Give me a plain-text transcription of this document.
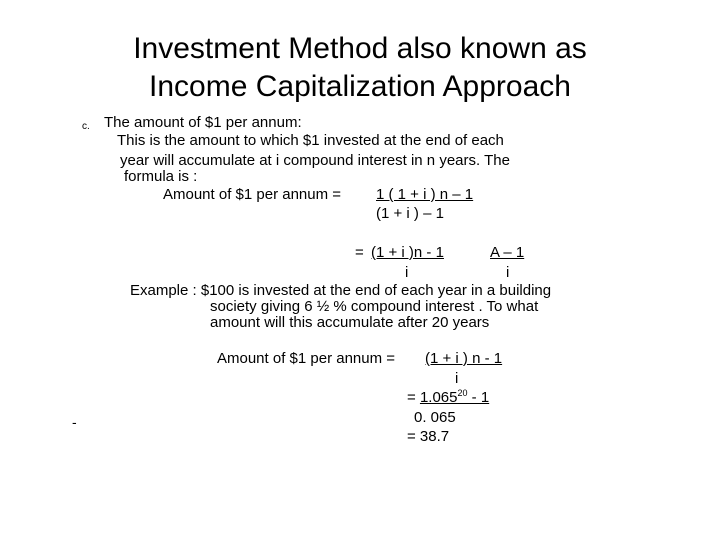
Investment Method also known as
Income Capitalization Approach
c. The amount of $1 per annum:
This is the amount to which $1 invested at the end of each
year will accumulate at i compound interest in n years. The
formula is :
Amount of $1 per annum = 1 ( 1 + i ) n – 1
(1 + i ) – 1
= (1 + i )n - 1	A – 1
i	i
Example : $100 is invested at the end of each year in a building
society giving 6 ½ % compound interest . To what
amount will this accumulate after 20 years
Amount of $1 per annum = (1 + i ) n - 1
i
= $1.065^{20} - 1$
0. 065
= 38.7
-
